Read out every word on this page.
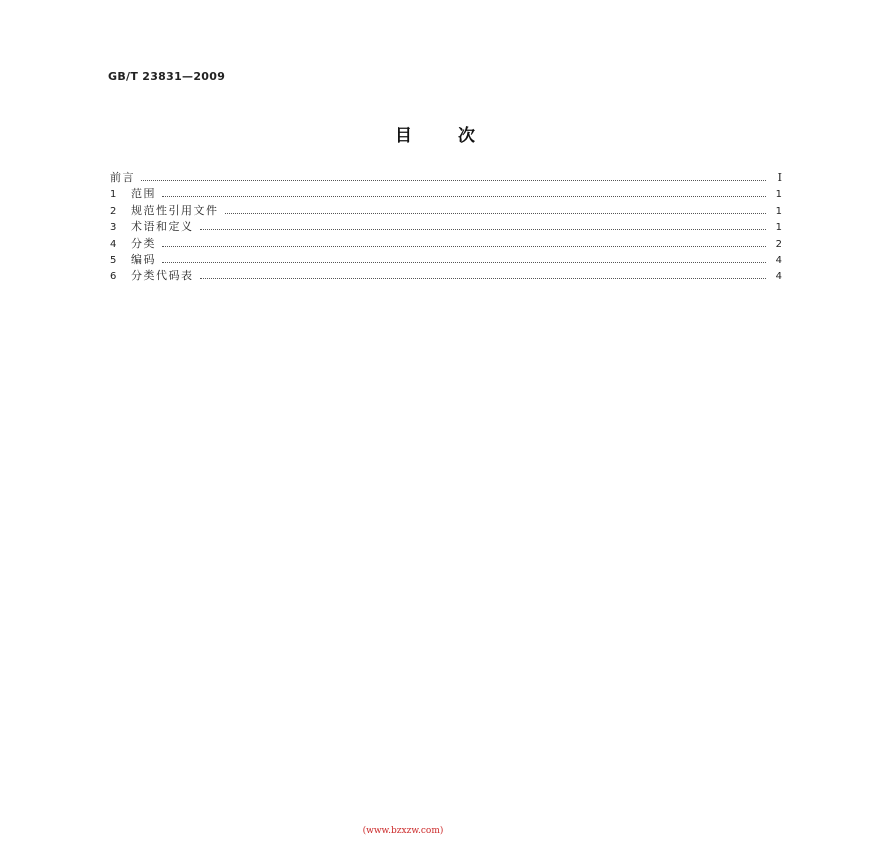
GB/T 23831—2009
目次
前言	I
1	范围	1
2	规范性引用文件	1
3	术语和定义	1
4	分类	2
5	编码	4
6	分类代码表	4
(www.bzxzw.com)
